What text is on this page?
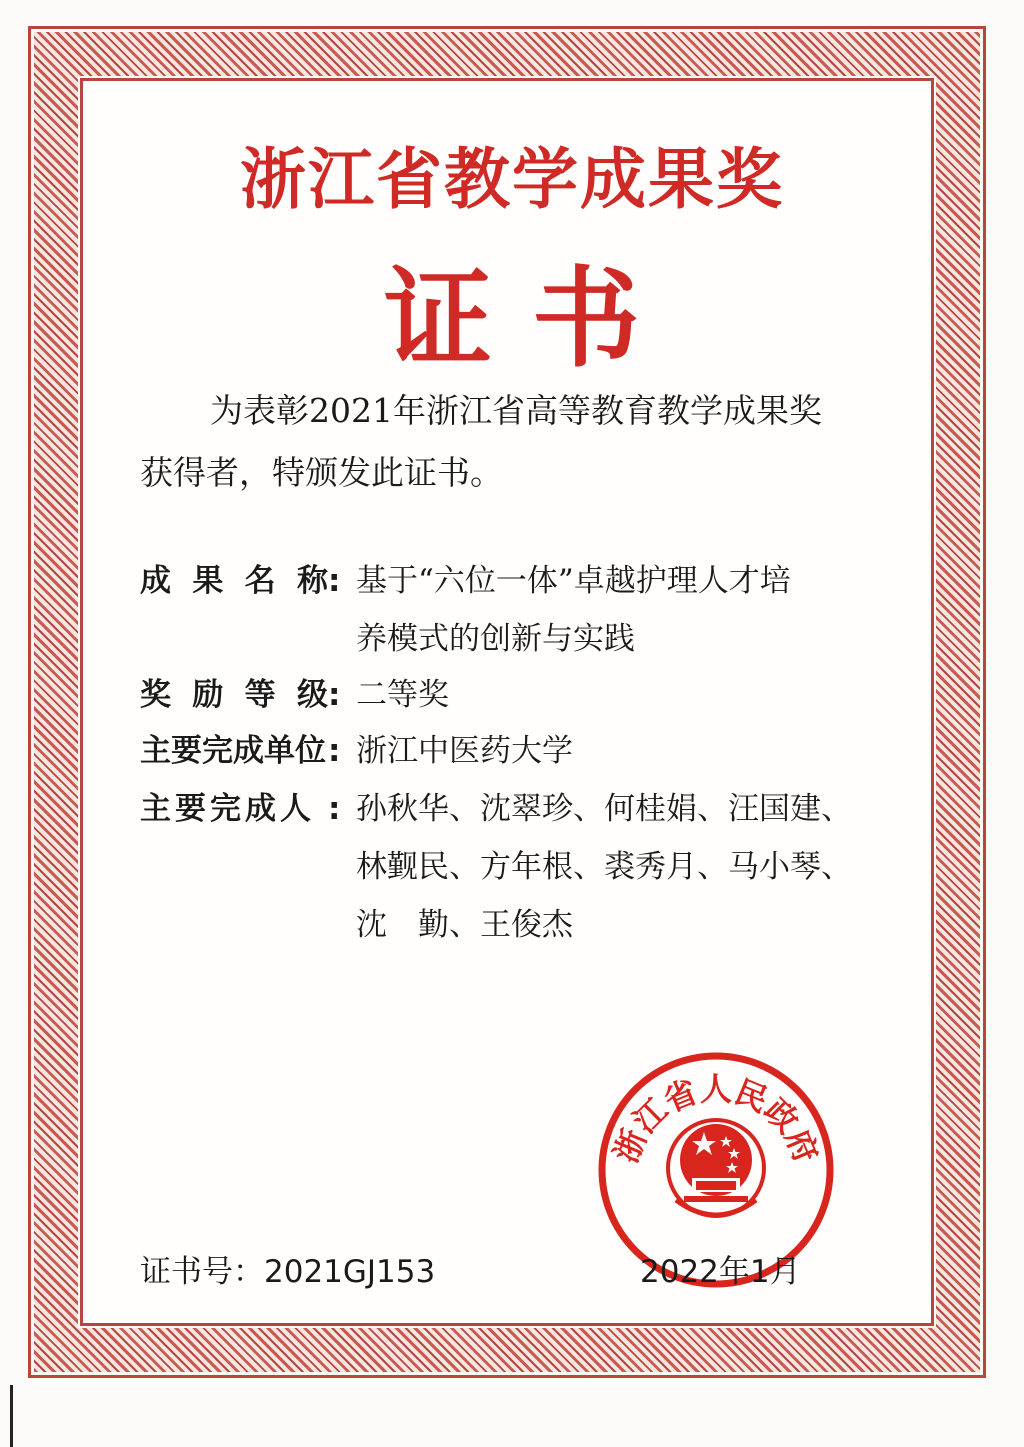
浙江省教学成果奖
证书
为表彰2021年浙江省高等教育教学成果奖
获得者，特颁发此证书。
成 果 名 称 : 基于“六位一体”卓越护理人才培
养模式的创新与实践
奖 励 等 级 : 二等奖
主要完成单位 : 浙江中医药大学
主要完成人 : 孙秋华、沈翠珍、何桂娟、汪国建、
林觐民、方年根、裘秀月、马小琴、
沈　勤、王俊杰
浙江省人民政府
证书号：2021GJ153	2022年1月
